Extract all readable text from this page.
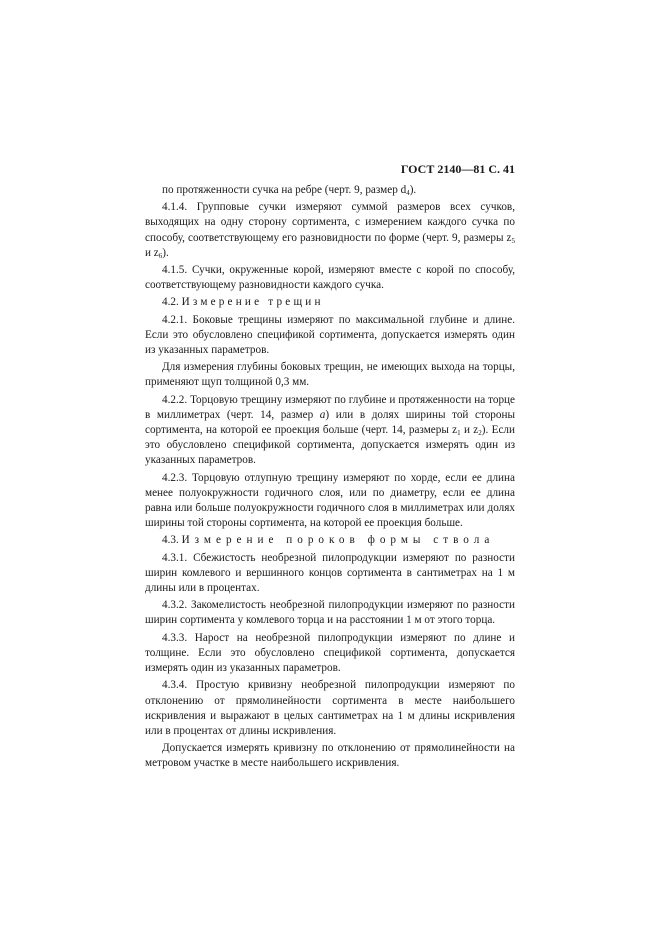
ГОСТ 2140—81 С. 41

по протяженности сучка на ребре (черт. 9, размер $d_4$).

4.1.4. Групповые сучки измеряют суммой размеров всех сучков, выходящих на одну сторону сортимента, с измерением каждого сучка по способу, соответствующему его разновидности по форме (черт. 9, размеры $z_5$ и $z_6$).

4.1.5. Сучки, окруженные корой, измеряют вместе с корой по способу, соответствующему разновидности каждого сучка.

4.2. Измерение трещин

4.2.1. Боковые трещины измеряют по максимальной глубине и длине. Если это обусловлено спецификой сортимента, допускается измерять один из указанных параметров.

Для измерения глубины боковых трещин, не имеющих выхода на торцы, применяют щуп толщиной 0,3 мм.

4.2.2. Торцовую трещину измеряют по глубине и протяженности на торце в миллиметрах (черт. 14, размер a) или в долях ширины той стороны сортимента, на которой ее проекция больше (черт. 14, размеры $z_1$ и $z_2$). Если это обусловлено спецификой сортимента, допускается измерять один из указанных параметров.

4.2.3. Торцовую отлупную трещину измеряют по хорде, если ее длина менее полуокружности годичного слоя, или по диаметру, если ее длина равна или больше полуокружности годичного слоя в миллиметрах или долях ширины той стороны сортимента, на которой ее проекция больше.

4.3. Измерение пороков формы ствола

4.3.1. Сбежистость необрезной пилопродукции измеряют по разности ширин комлевого и вершинного концов сортимента в сантиметрах на 1 м длины или в процентах.

4.3.2. Закомелистость необрезной пилопродукции измеряют по разности ширин сортимента у комлевого торца и на расстоянии 1 м от этого торца.

4.3.3. Нарост на необрезной пилопродукции измеряют по длине и толщине. Если это обусловлено спецификой сортимента, допускается измерять один из указанных параметров.

4.3.4. Простую кривизну необрезной пилопродукции измеряют по отклонению от прямолинейности сортимента в месте наибольшего искривления и выражают в целых сантиметрах на 1 м длины искривления или в процентах от длины искривления.

Допускается измерять кривизну по отклонению от прямолинейности на метровом участке в месте наибольшего искривления.
